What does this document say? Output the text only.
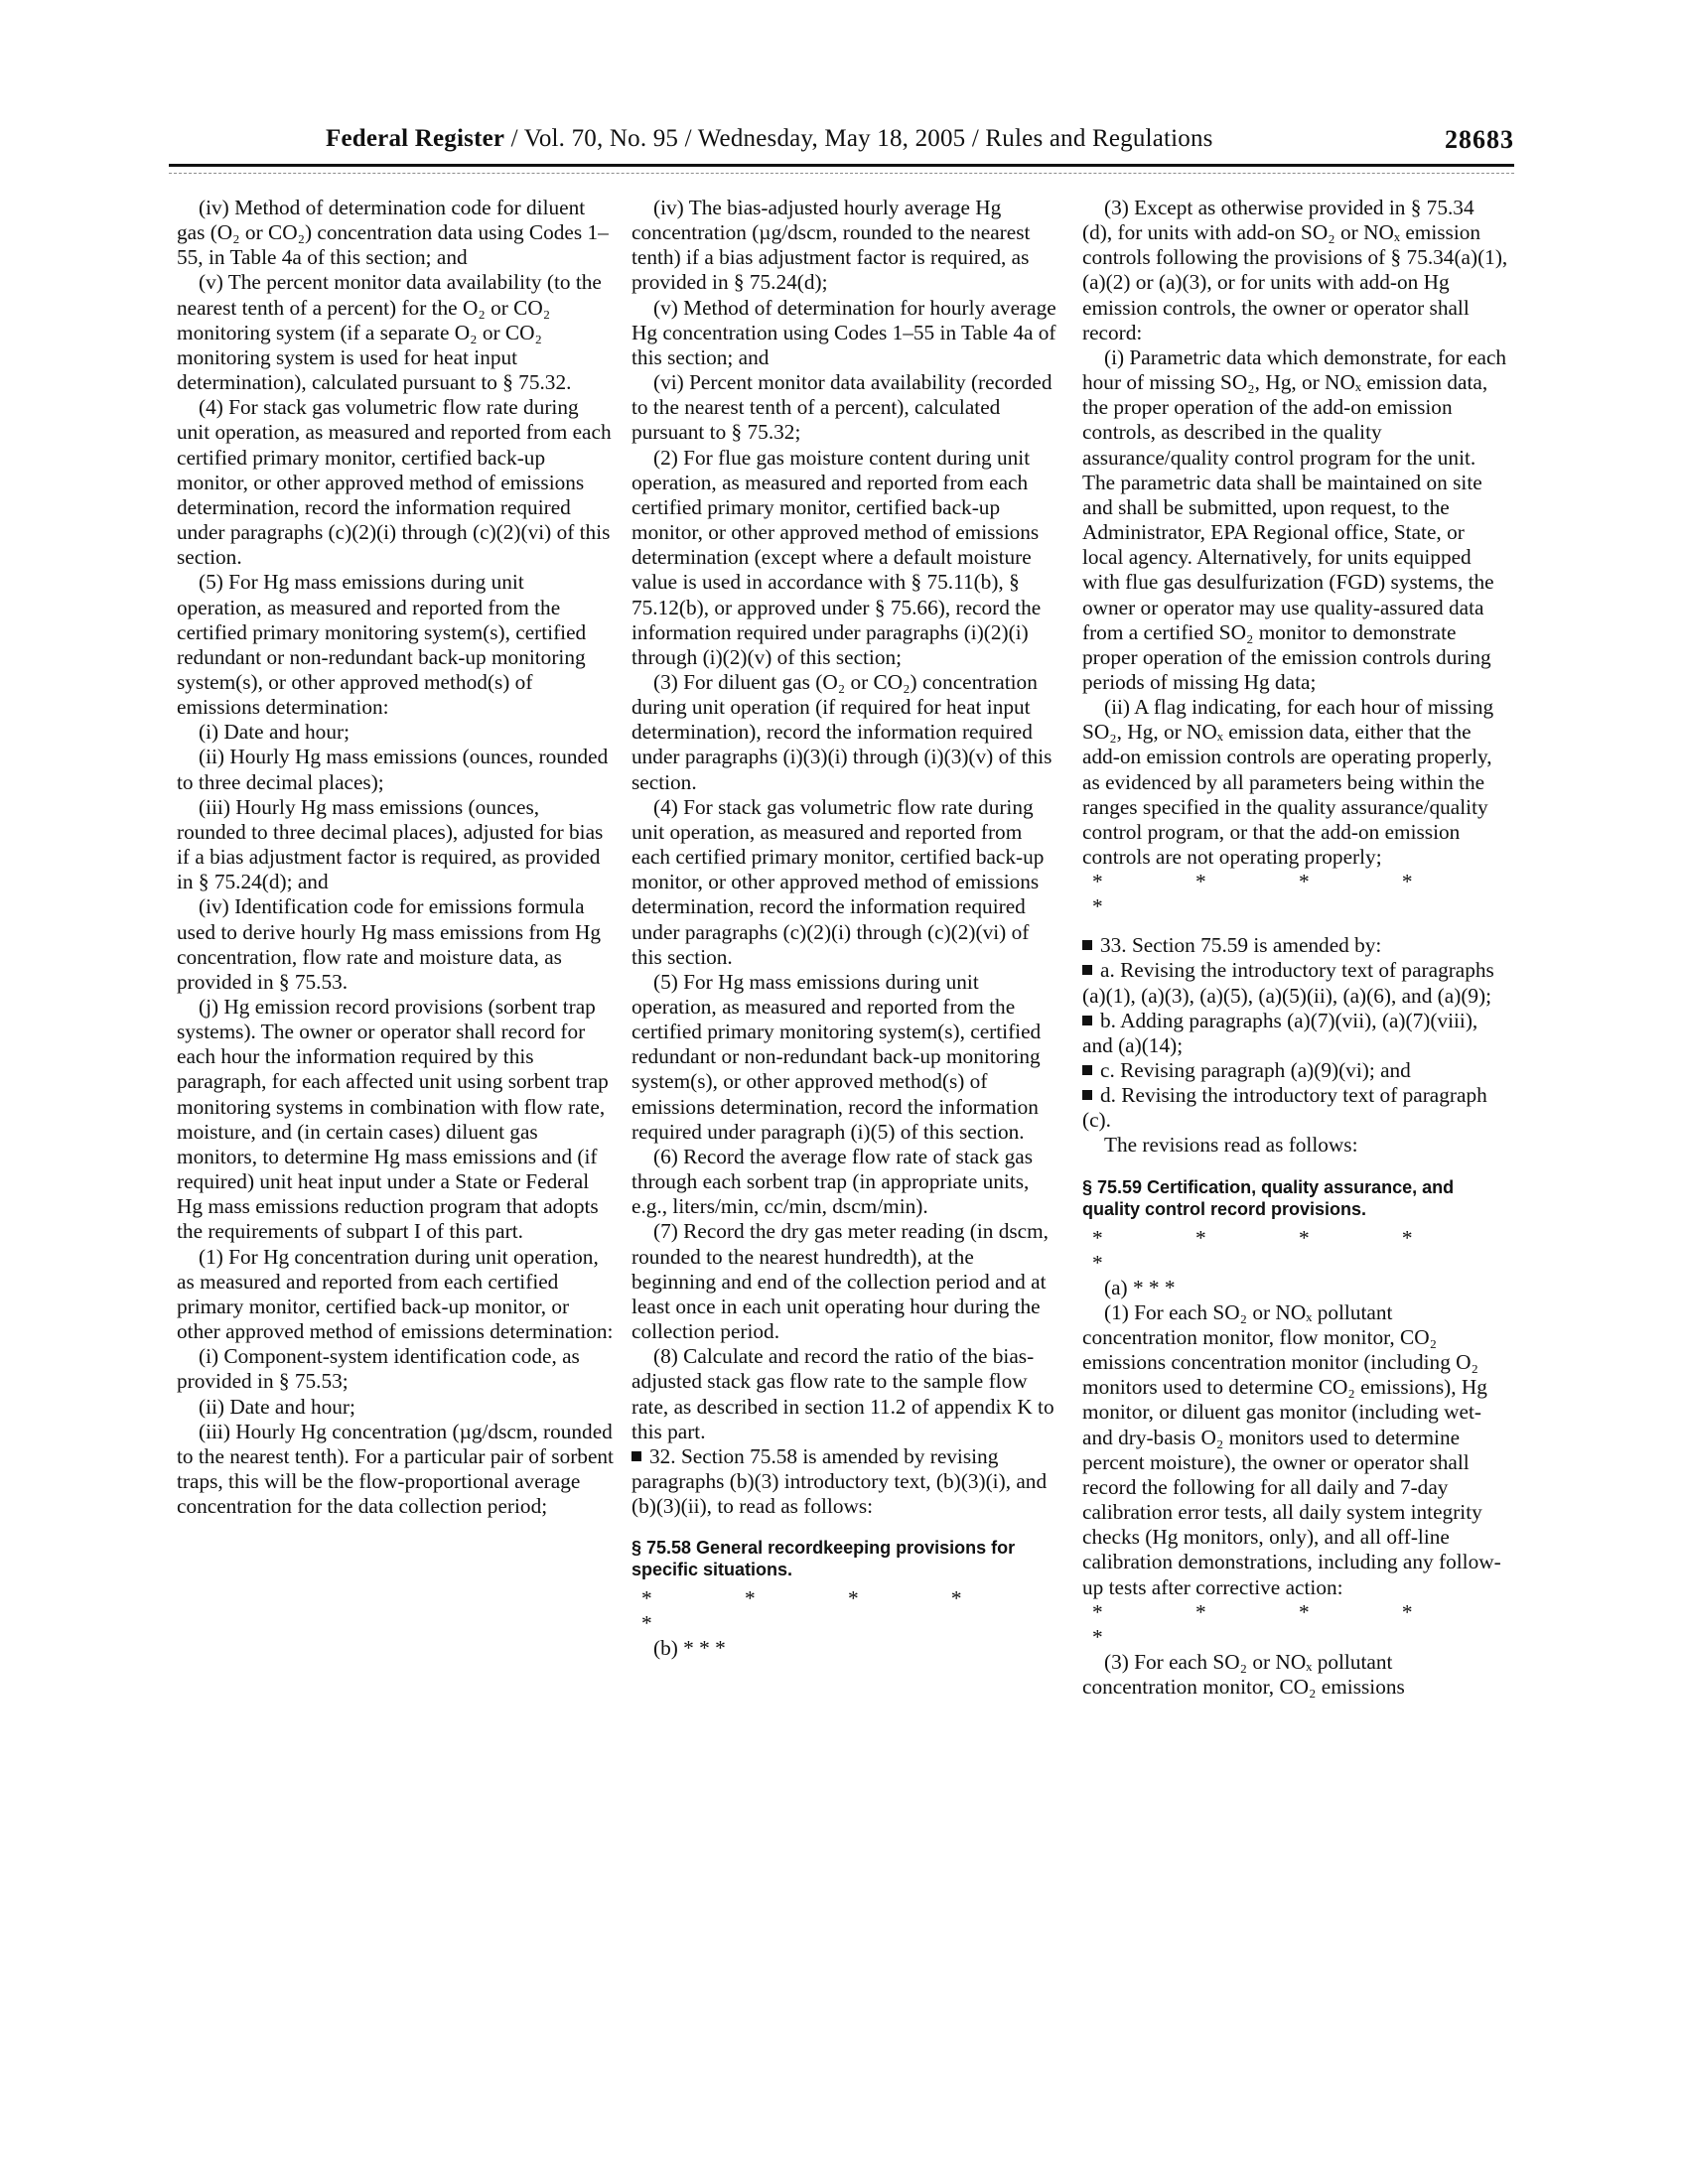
Federal Register / Vol. 70, No. 95 / Wednesday, May 18, 2005 / Rules and Regulations	28683

(iv) Method of determination code for diluent gas (O₂ or CO₂) concentration data using Codes 1–55, in Table 4a of this section; and

(v) The percent monitor data availability (to the nearest tenth of a percent) for the O₂ or CO₂ monitoring system (if a separate O₂ or CO₂ monitoring system is used for heat input determination), calculated pursuant to § 75.32.

(4) For stack gas volumetric flow rate during unit operation, as measured and reported from each certified primary monitor, certified back-up monitor, or other approved method of emissions determination, record the information required under paragraphs (c)(2)(i) through (c)(2)(vi) of this section.

(5) For Hg mass emissions during unit operation, as measured and reported from the certified primary monitoring system(s), certified redundant or non-redundant back-up monitoring system(s), or other approved method(s) of emissions determination:

(i) Date and hour;

(ii) Hourly Hg mass emissions (ounces, rounded to three decimal places);

(iii) Hourly Hg mass emissions (ounces, rounded to three decimal places), adjusted for bias if a bias adjustment factor is required, as provided in § 75.24(d); and

(iv) Identification code for emissions formula used to derive hourly Hg mass emissions from Hg concentration, flow rate and moisture data, as provided in § 75.53.

(j) Hg emission record provisions (sorbent trap systems). The owner or operator shall record for each hour the information required by this paragraph, for each affected unit using sorbent trap monitoring systems in combination with flow rate, moisture, and (in certain cases) diluent gas monitors, to determine Hg mass emissions and (if required) unit heat input under a State or Federal Hg mass emissions reduction program that adopts the requirements of subpart I of this part.

(1) For Hg concentration during unit operation, as measured and reported from each certified primary monitor, certified back-up monitor, or other approved method of emissions determination:

(i) Component-system identification code, as provided in § 75.53;

(ii) Date and hour;

(iii) Hourly Hg concentration (µg/dscm, rounded to the nearest tenth). For a particular pair of sorbent traps, this will be the flow-proportional average concentration for the data collection period;

(iv) The bias-adjusted hourly average Hg concentration (µg/dscm, rounded to the nearest tenth) if a bias adjustment factor is required, as provided in § 75.24(d);

(v) Method of determination for hourly average Hg concentration using Codes 1–55 in Table 4a of this section; and

(vi) Percent monitor data availability (recorded to the nearest tenth of a percent), calculated pursuant to § 75.32;

(2) For flue gas moisture content during unit operation, as measured and reported from each certified primary monitor, certified back-up monitor, or other approved method of emissions determination (except where a default moisture value is used in accordance with § 75.11(b), § 75.12(b), or approved under § 75.66), record the information required under paragraphs (i)(2)(i) through (i)(2)(v) of this section;

(3) For diluent gas (O₂ or CO₂) concentration during unit operation (if required for heat input determination), record the information required under paragraphs (i)(3)(i) through (i)(3)(v) of this section.

(4) For stack gas volumetric flow rate during unit operation, as measured and reported from each certified primary monitor, certified back-up monitor, or other approved method of emissions determination, record the information required under paragraphs (c)(2)(i) through (c)(2)(vi) of this section.

(5) For Hg mass emissions during unit operation, as measured and reported from the certified primary monitoring system(s), certified redundant or non-redundant back-up monitoring system(s), or other approved method(s) of emissions determination, record the information required under paragraph (i)(5) of this section.

(6) Record the average flow rate of stack gas through each sorbent trap (in appropriate units, e.g., liters/min, cc/min, dscm/min).

(7) Record the dry gas meter reading (in dscm, rounded to the nearest hundredth), at the beginning and end of the collection period and at least once in each unit operating hour during the collection period.

(8) Calculate and record the ratio of the bias-adjusted stack gas flow rate to the sample flow rate, as described in section 11.2 of appendix K to this part.

32. Section 75.58 is amended by revising paragraphs (b)(3) introductory text, (b)(3)(i), and (b)(3)(ii), to read as follows:

§ 75.58 General recordkeeping provisions for specific situations.

* * * * *

(b) * * *

(3) Except as otherwise provided in § 75.34 (d), for units with add-on SO₂ or NOₓ emission controls following the provisions of § 75.34(a)(1), (a)(2) or (a)(3), or for units with add-on Hg emission controls, the owner or operator shall record:

(i) Parametric data which demonstrate, for each hour of missing SO₂, Hg, or NOₓ emission data, the proper operation of the add-on emission controls, as described in the quality assurance/quality control program for the unit. The parametric data shall be maintained on site and shall be submitted, upon request, to the Administrator, EPA Regional office, State, or local agency. Alternatively, for units equipped with flue gas desulfurization (FGD) systems, the owner or operator may use quality-assured data from a certified SO₂ monitor to demonstrate proper operation of the emission controls during periods of missing Hg data;

(ii) A flag indicating, for each hour of missing SO₂, Hg, or NOₓ emission data, either that the add-on emission controls are operating properly, as evidenced by all parameters being within the ranges specified in the quality assurance/quality control program, or that the add-on emission controls are not operating properly;

* * * * *

33. Section 75.59 is amended by:

a. Revising the introductory text of paragraphs (a)(1), (a)(3), (a)(5), (a)(5)(ii), (a)(6), and (a)(9);

b. Adding paragraphs (a)(7)(vii), (a)(7)(viii), and (a)(14);

c. Revising paragraph (a)(9)(vi); and

d. Revising the introductory text of paragraph (c).

The revisions read as follows:

§ 75.59 Certification, quality assurance, and quality control record provisions.

* * * * *

(a) * * *

(1) For each SO₂ or NOₓ pollutant concentration monitor, flow monitor, CO₂ emissions concentration monitor (including O₂ monitors used to determine CO₂ emissions), Hg monitor, or diluent gas monitor (including wet- and dry-basis O₂ monitors used to determine percent moisture), the owner or operator shall record the following for all daily and 7-day calibration error tests, all daily system integrity checks (Hg monitors, only), and all off-line calibration demonstrations, including any follow-up tests after corrective action:

* * * * *

(3) For each SO₂ or NOₓ pollutant concentration monitor, CO₂ emissions
